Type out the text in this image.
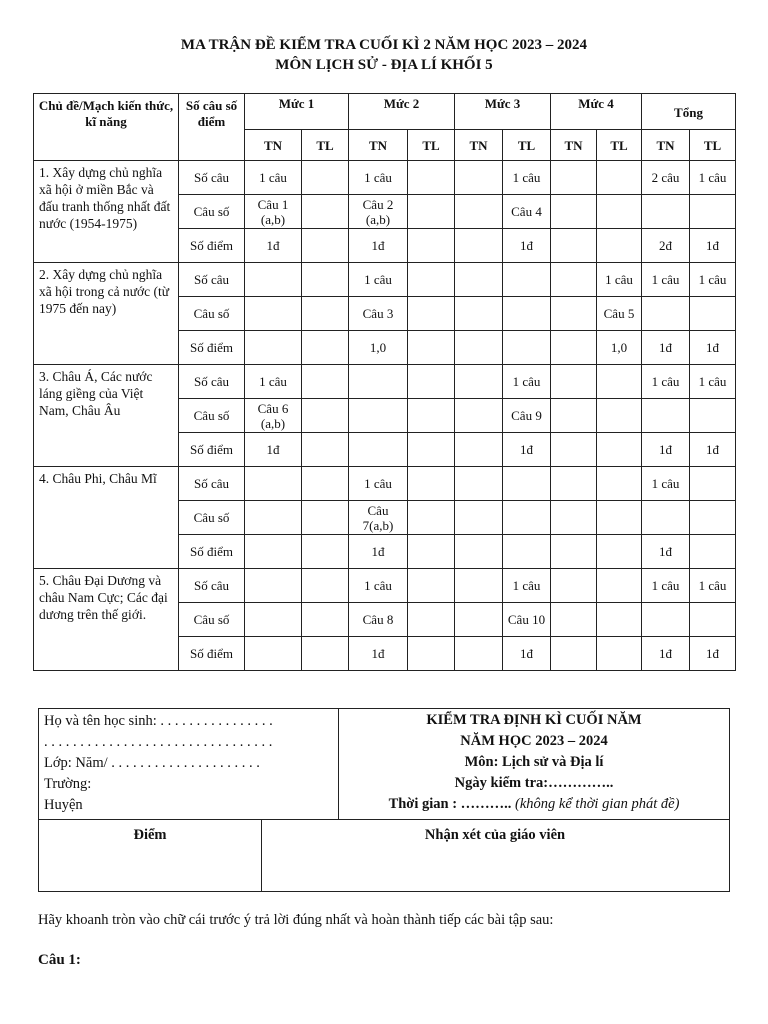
MA TRẬN ĐỀ KIỂM TRA CUỐI KÌ 2 NĂM HỌC 2023 – 2024
MÔN LỊCH SỬ - ĐỊA LÍ KHỐI 5
Chủ đề/Mạch kiến thức, kĩ năng	Số câu số điểm	Mức 1		Mức 2		Mức 3		Mức 4		Tổng	
		TN	TL	TN	TL	TN	TL	TN	TL	TN	TL
1. Xây dựng chủ nghĩa xã hội ở miền Bắc và đấu tranh thống nhất đất nước (1954-1975)	Số câu	1 câu		1 câu			1 câu			2 câu	1 câu
	Câu số	Câu 1 (a,b)		Câu 2 (a,b)			Câu 4				
	Số điểm	1đ		1đ			1đ			2đ	1đ
2. Xây dựng chủ nghĩa xã hội trong cả nước (từ 1975 đến nay)	Số câu			1 câu					1 câu	1 câu	1 câu
	Câu số			Câu 3					Câu 5		
	Số điểm			1,0					1,0	1đ	1đ
3. Châu Á, Các nước láng giềng của Việt Nam, Châu Âu	Số câu	1 câu					1 câu			1 câu	1 câu
	Câu số	Câu 6 (a,b)					Câu 9				
	Số điểm	1đ					1đ			1đ	1đ
4. Châu Phi, Châu Mĩ	Số câu			1 câu						1 câu	
	Câu số			Câu 7(a,b)							
	Số điểm			1đ						1đ	
5. Châu Đại Dương và châu Nam Cực; Các đại dương trên thế giới.	Số câu			1 câu			1 câu			1 câu	1 câu
	Câu số			Câu 8			Câu 10				
	Số điểm			1đ			1đ			1đ	1đ
Họ và tên học sinh: . . . . . . . . . . . . . . . .
. . . . . . . . . . . . . . . . . . . . . . . . . . . . . . . .
Lớp: Năm/ . . . . . . . . . . . . . . . . . . . . .
Trường:
Huyện
KIỂM TRA ĐỊNH KÌ CUỐI NĂM
NĂM HỌC 2023 – 2024
Môn: Lịch sử và Địa lí
Ngày kiểm tra:…………..
Thời gian : ……….. (không kể thời gian phát đề)
Điểm	Nhận xét của giáo viên
Hãy khoanh tròn vào chữ cái trước ý trả lời đúng nhất và hoàn thành tiếp các bài tập sau:
Câu 1:
